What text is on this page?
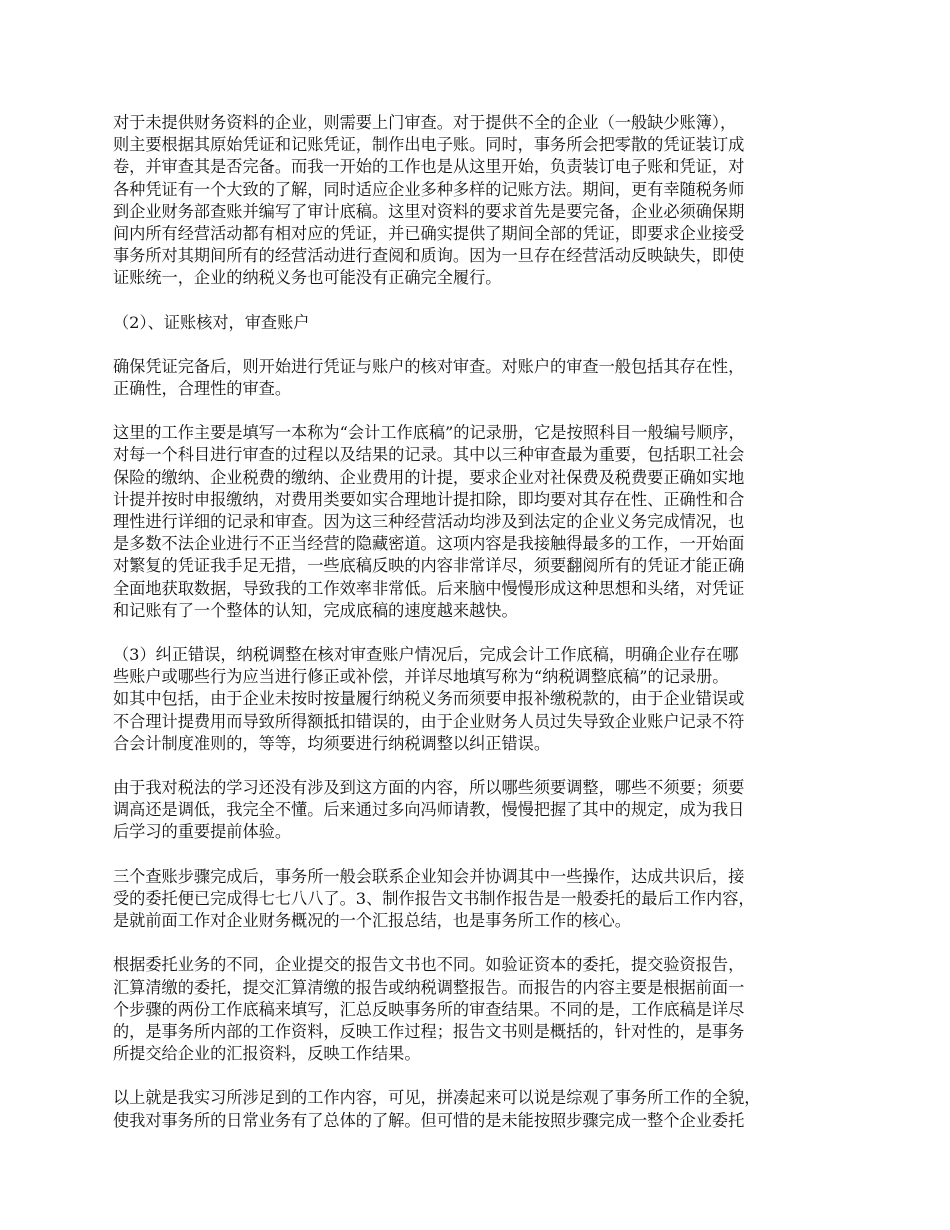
对于未提供财务资料的企业，则需要上门审查。对于提供不全的企业（一般缺少账簿），
则主要根据其原始凭证和记账凭证，制作出电子账。同时，事务所会把零散的凭证装订成
卷，并审查其是否完备。而我一开始的工作也是从这里开始，负责装订电子账和凭证，对
各种凭证有一个大致的了解，同时适应企业多种多样的记账方法。期间，更有幸随税务师
到企业财务部查账并编写了审计底稿。这里对资料的要求首先是要完备，企业必须确保期
间内所有经营活动都有相对应的凭证，并已确实提供了期间全部的凭证，即要求企业接受
事务所对其期间所有的经营活动进行查阅和质询。因为一旦存在经营活动反映缺失，即使
证账统一，企业的纳税义务也可能没有正确完全履行。

（2）、证账核对，审查账户

确保凭证完备后，则开始进行凭证与账户的核对审查。对账户的审查一般包括其存在性，
正确性，合理性的审查。

这里的工作主要是填写一本称为“会计工作底稿”的记录册，它是按照科目一般编号顺序，
对每一个科目进行审查的过程以及结果的记录。其中以三种审查最为重要，包括职工社会
保险的缴纳、企业税费的缴纳、企业费用的计提，要求企业对社保费及税费要正确如实地
计提并按时申报缴纳，对费用类要如实合理地计提扣除，即均要对其存在性、正确性和合
理性进行详细的记录和审查。因为这三种经营活动均涉及到法定的企业义务完成情况，也
是多数不法企业进行不正当经营的隐藏密道。这项内容是我接触得最多的工作，一开始面
对繁复的凭证我手足无措，一些底稿反映的内容非常详尽，须要翻阅所有的凭证才能正确
全面地获取数据，导致我的工作效率非常低。后来脑中慢慢形成这种思想和头绪，对凭证
和记账有了一个整体的认知，完成底稿的速度越来越快。

（3）纠正错误，纳税调整在核对审查账户情况后，完成会计工作底稿，明确企业存在哪
些账户或哪些行为应当进行修正或补偿，并详尽地填写称为“纳税调整底稿”的记录册。
如其中包括，由于企业未按时按量履行纳税义务而须要申报补缴税款的，由于企业错误或
不合理计提费用而导致所得额抵扣错误的，由于企业财务人员过失导致企业账户记录不符
合会计制度准则的，等等，均须要进行纳税调整以纠正错误。

由于我对税法的学习还没有涉及到这方面的内容，所以哪些须要调整，哪些不须要；须要
调高还是调低，我完全不懂。后来通过多向冯师请教，慢慢把握了其中的规定，成为我日
后学习的重要提前体验。

三个查账步骤完成后，事务所一般会联系企业知会并协调其中一些操作，达成共识后，接
受的委托便已完成得七七八八了。3、制作报告文书制作报告是一般委托的最后工作内容，
是就前面工作对企业财务概况的一个汇报总结，也是事务所工作的核心。

根据委托业务的不同，企业提交的报告文书也不同。如验证资本的委托，提交验资报告，
汇算清缴的委托，提交汇算清缴的报告或纳税调整报告。而报告的内容主要是根据前面一
个步骤的两份工作底稿来填写，汇总反映事务所的审查结果。不同的是，工作底稿是详尽
的，是事务所内部的工作资料，反映工作过程；报告文书则是概括的，针对性的，是事务
所提交给企业的汇报资料，反映工作结果。

以上就是我实习所涉足到的工作内容，可见，拼凑起来可以说是综观了事务所工作的全貌，
使我对事务所的日常业务有了总体的了解。但可惜的是未能按照步骤完成一整个企业委托
